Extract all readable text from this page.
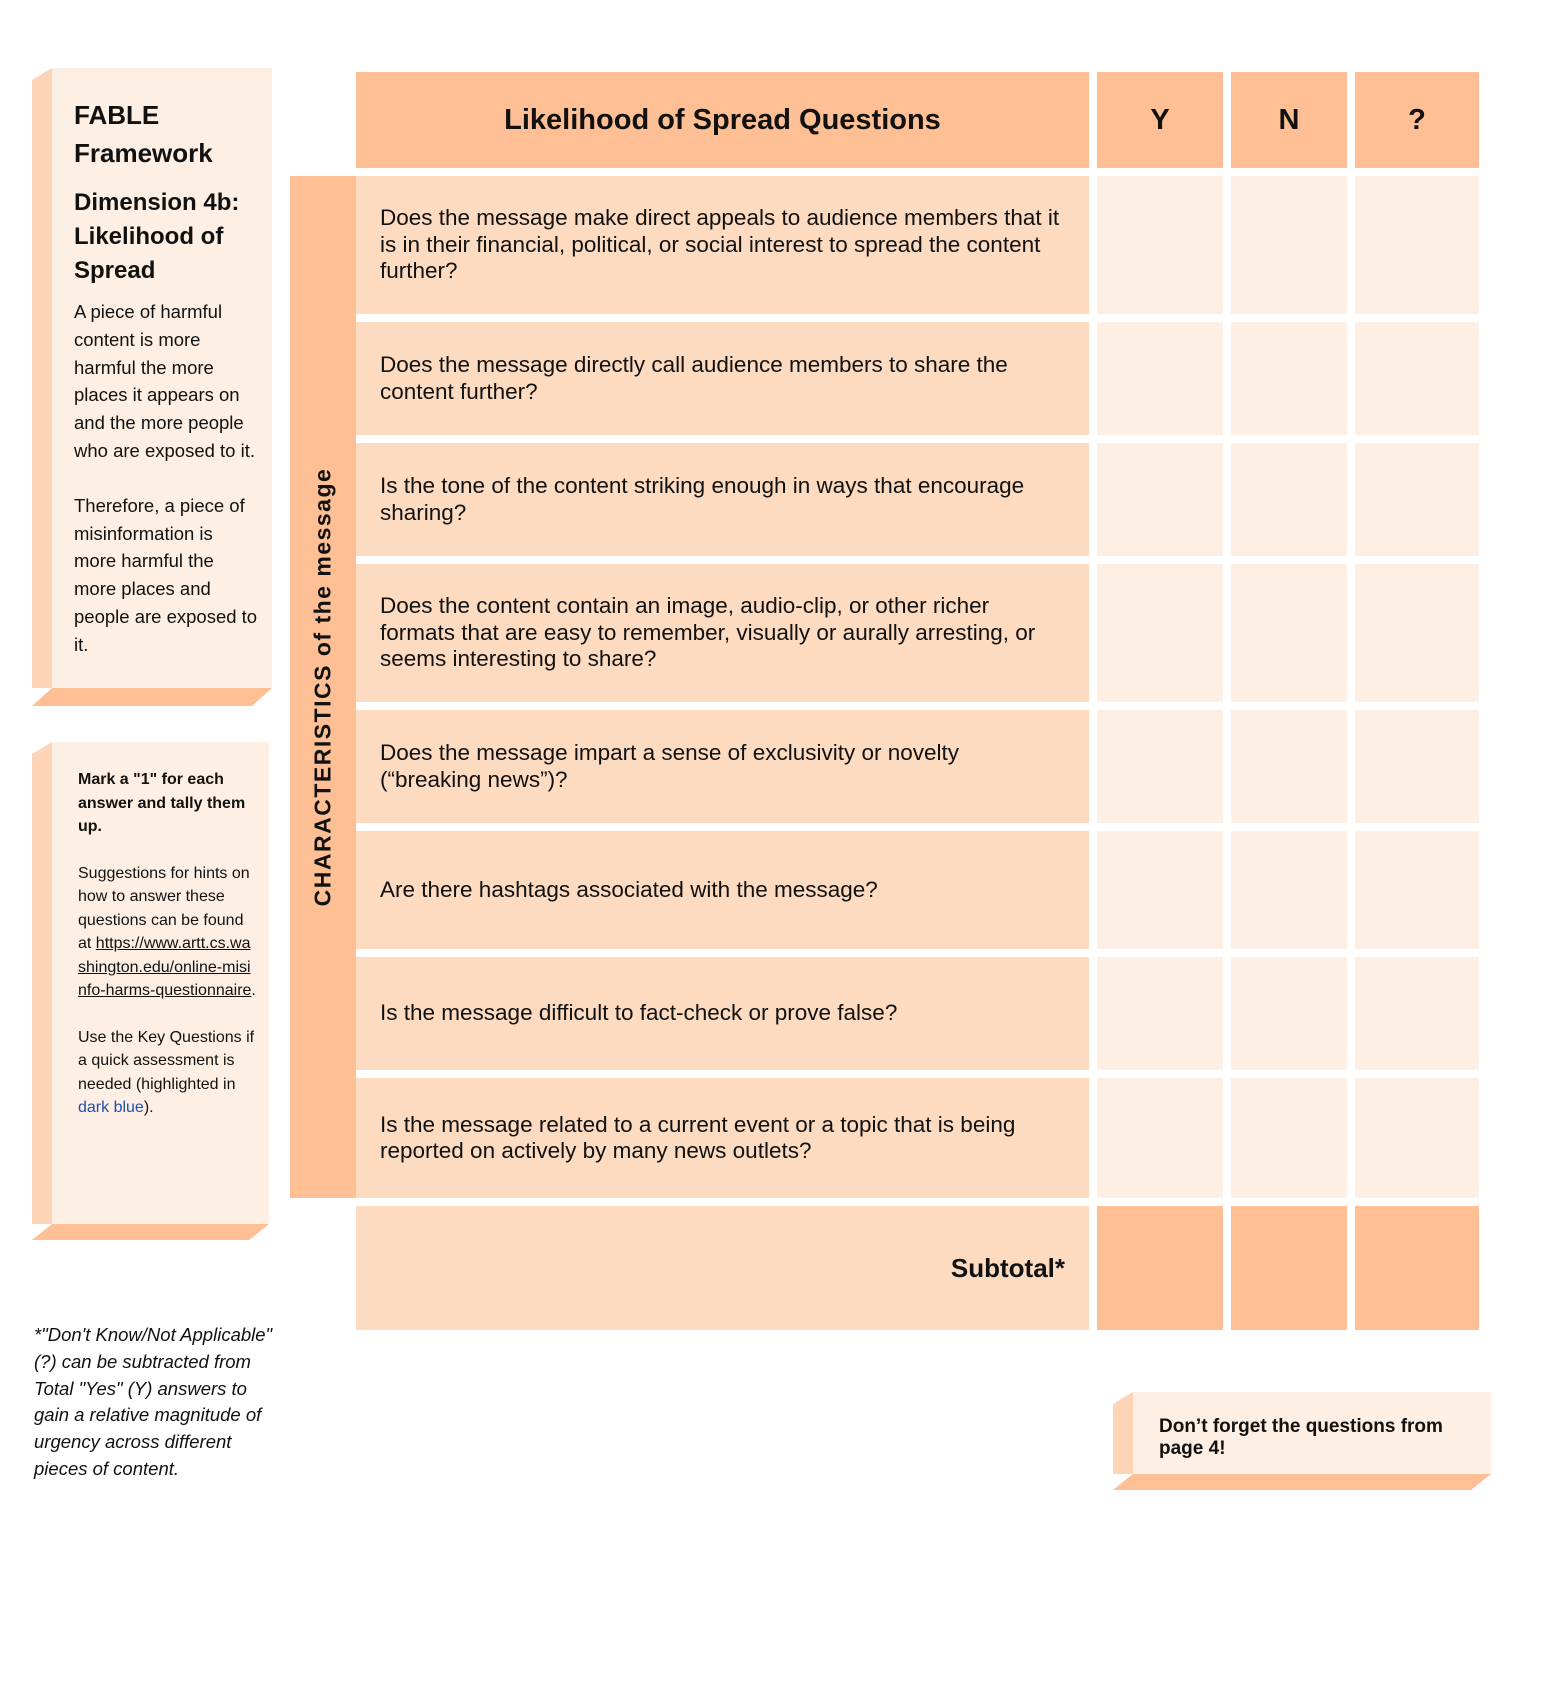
FABLE Framework
Dimension 4b: Likelihood of Spread

A piece of harmful content is more harmful the more places it appears on and the more people who are exposed to it.

Therefore, a piece of misinformation is more harmful the more places and people are exposed to it.

Mark a "1" for each answer and tally them up.

Suggestions for hints on how to answer these questions can be found at https://www.artt.cs.washington.edu/online-misinfo-harms-questionnaire.

Use the Key Questions if a quick assessment is needed (highlighted in dark blue).

*"Don't Know/Not Applicable" (?) can be subtracted from Total "Yes" (Y) answers to gain a relative magnitude of urgency across different pieces of content.
Don’t forget the questions from page 4!
CHARACTERISTICS of the message
Likelihood of Spread Questions	Y	N	?
Does the message make direct appeals to audience members that it is in their financial, political, or social interest to spread the content further?
Does the message directly call audience members to share the content further?
Is the tone of the content striking enough in ways that encourage sharing?
Does the content contain an image, audio-clip, or other richer formats that are easy to remember, visually or aurally arresting, or seems interesting to share?
Does the message impart a sense of exclusivity or novelty (“breaking news”)?
Are there hashtags associated with the message?
Is the message difficult to fact-check or prove false?
Is the message related to a current event or a topic that is being reported on actively by many news outlets?
Subtotal*
